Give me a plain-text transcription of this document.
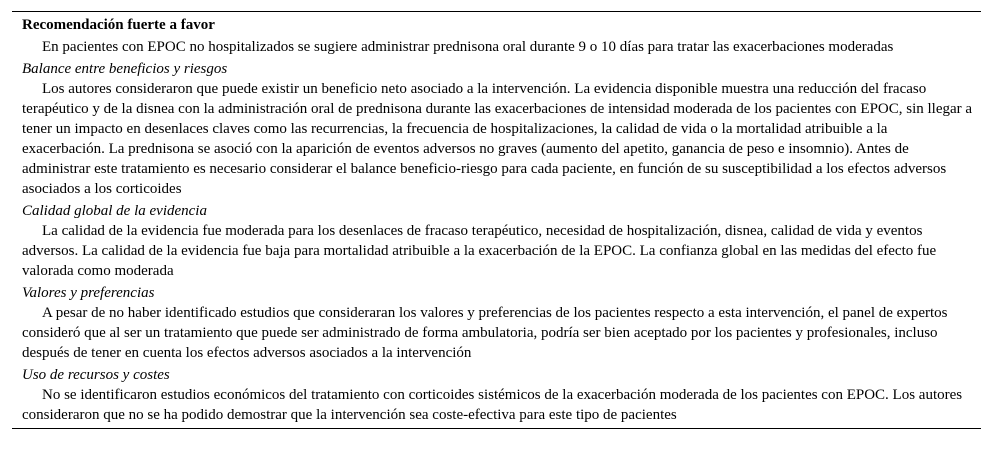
Recomendación fuerte a favor

En pacientes con EPOC no hospitalizados se sugiere administrar prednisona oral durante 9 o 10 días para tratar las exacerbaciones moderadas

Balance entre beneficios y riesgos

Los autores consideraron que puede existir un beneficio neto asociado a la intervención. La evidencia disponible muestra una reducción del fracaso terapéutico y de la disnea con la administración oral de prednisona durante las exacerbaciones de intensidad moderada de los pacientes con EPOC, sin llegar a tener un impacto en desenlaces claves como las recurrencias, la frecuencia de hospitalizaciones, la calidad de vida o la mortalidad atribuible a la exacerbación. La prednisona se asoció con la aparición de eventos adversos no graves (aumento del apetito, ganancia de peso e insomnio). Antes de administrar este tratamiento es necesario considerar el balance beneficio-riesgo para cada paciente, en función de su susceptibilidad a los efectos adversos asociados a los corticoides

Calidad global de la evidencia

La calidad de la evidencia fue moderada para los desenlaces de fracaso terapéutico, necesidad de hospitalización, disnea, calidad de vida y eventos adversos. La calidad de la evidencia fue baja para mortalidad atribuible a la exacerbación de la EPOC. La confianza global en las medidas del efecto fue valorada como moderada

Valores y preferencias

A pesar de no haber identificado estudios que consideraran los valores y preferencias de los pacientes respecto a esta intervención, el panel de expertos consideró que al ser un tratamiento que puede ser administrado de forma ambulatoria, podría ser bien aceptado por los pacientes y profesionales, incluso después de tener en cuenta los efectos adversos asociados a la intervención

Uso de recursos y costes

No se identificaron estudios económicos del tratamiento con corticoides sistémicos de la exacerbación moderada de los pacientes con EPOC. Los autores consideraron que no se ha podido demostrar que la intervención sea coste-efectiva para este tipo de pacientes
